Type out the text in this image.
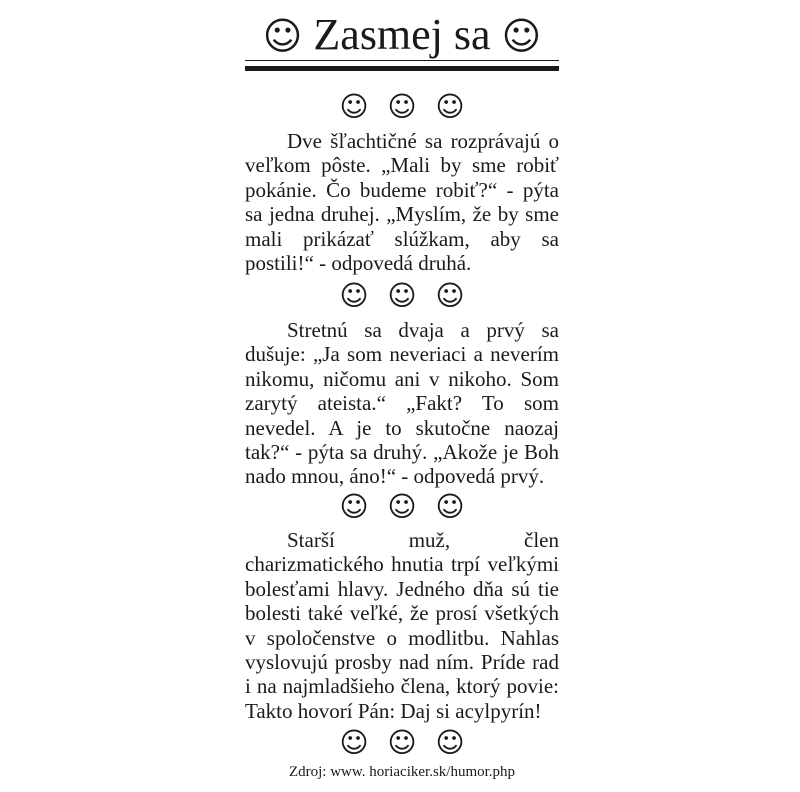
☺ Zasmej sa ☺
☺ ☺ ☺

Dve šľachtičné sa rozprávajú o veľkom pôste. „Mali by sme robiť pokánie. Čo budeme robiť?“ - pýta sa jedna druhej. „Myslím, že by sme mali prikázať slúžkam, aby sa postili!“ - odpovedá druhá.

☺ ☺ ☺

Stretnú sa dvaja a prvý sa dušuje: „Ja som neveriaci a neverím nikomu, ničomu ani v nikoho. Som zarytý ateista.“ „Fakt? To som nevedel. A je to skutočne naozaj tak?“ - pýta sa druhý. „Akože je Boh nado mnou, áno!“ - odpovedá prvý.

☺ ☺ ☺

Starší muž, člen charizmatického hnutia trpí veľkými bolesťami hlavy. Jedného dňa sú tie bolesti také veľké, že prosí všetkých v spoločenstve o modlitbu. Nahlas vyslovujú prosby nad ním. Príde rad i na najmladšieho člena, ktorý povie: Takto hovorí Pán: Daj si acylpyrín!

☺ ☺ ☺
Zdroj: www. horiaciker.sk/humor.php
